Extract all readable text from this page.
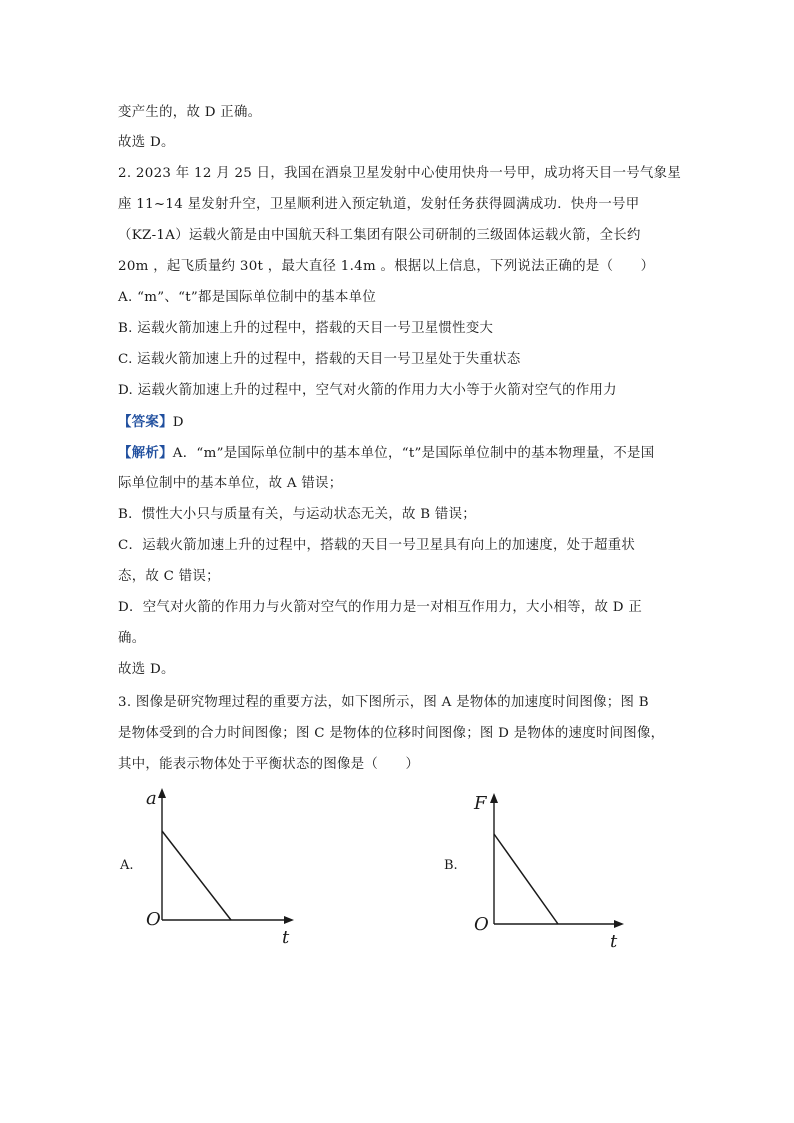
变产生的，故 D 正确。
故选 D。
2. 2023 年 12 月 25 日，我国在酒泉卫星发射中心使用快舟一号甲，成功将天目一号气象星
座 11~14 星发射升空，卫星顺利进入预定轨道，发射任务获得圆满成功．快舟一号甲
（KZ-1A）运载火箭是由中国航天科工集团有限公司研制的三级固体运载火箭，全长约
20m ，起飞质量约 30t ，最大直径 1.4m 。根据以上信息，下列说法正确的是（　　）
A. “m”、“t”都是国际单位制中的基本单位
B. 运载火箭加速上升的过程中，搭载的天目一号卫星惯性变大
C. 运载火箭加速上升的过程中，搭载的天目一号卫星处于失重状态
D. 运载火箭加速上升的过程中，空气对火箭的作用力大小等于火箭对空气的作用力
【答案】D
【解析】A．“m”是国际单位制中的基本单位，“t”是国际单位制中的基本物理量，不是国
际单位制中的基本单位，故 A 错误；
B．惯性大小只与质量有关，与运动状态无关，故 B 错误；
C．运载火箭加速上升的过程中，搭载的天目一号卫星具有向上的加速度，处于超重状
态，故 C 错误；
D．空气对火箭的作用力与火箭对空气的作用力是一对相互作用力，大小相等，故 D 正
确。
故选 D。
3. 图像是研究物理过程的重要方法，如下图所示，图 A 是物体的加速度时间图像；图 B
是物体受到的合力时间图像；图 C 是物体的位移时间图像；图 D 是物体的速度时间图像，
其中，能表示物体处于平衡状态的图像是（　　）
A.
a
O
t
B.
F
O
t
